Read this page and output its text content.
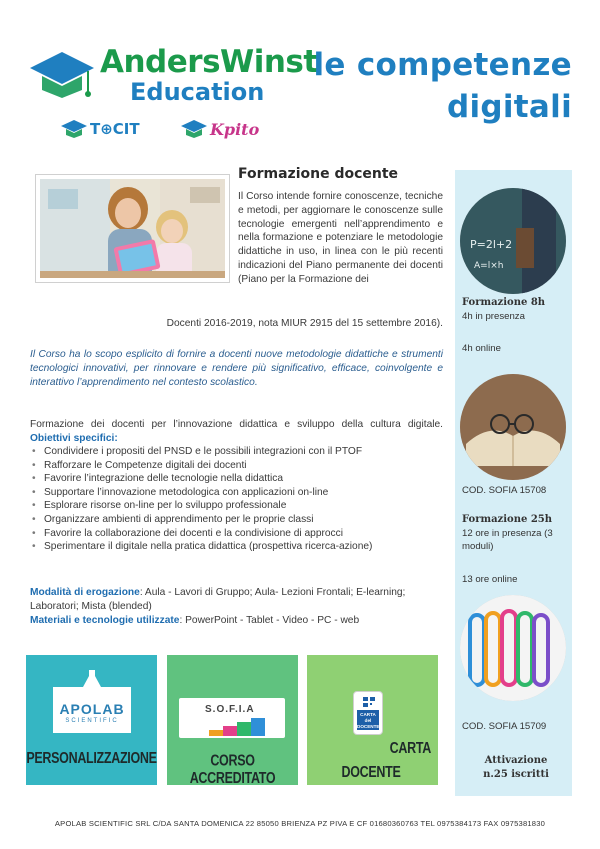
AndersWinst
Education
T⊕CIT	Kpito
le competenze
digitali
Formazione docente

Il Corso intende fornire conoscenze, tecniche e metodi, per aggiornare le conoscenze sulle tecnologie emergenti nell’apprendimento e nella formazione e potenziare le metodologie didattiche in uso, in linea con le più recenti indicazioni del Piano permanente dei docenti (Piano per la Formazione dei

Docenti 2016-2019, nota MIUR 2915 del 15 settembre 2016).

Il Corso ha lo scopo esplicito di fornire a docenti nuove metodologie didattiche e strumenti tecnologici innovativi, per rinnovare e rendere più significativo, efficace, coinvolgente e interattivo l’apprendimento nel contesto scolastico.

Formazione dei docenti per l’innovazione didattica e sviluppo della cultura digitale. Obiettivi specifici:

• Condividere i propositi del PNSD e le possibili integrazioni con il PTOF
• Rafforzare le Competenze digitali dei docenti
• Favorire l’integrazione delle tecnologie nella didattica
• Supportare l’innovazione metodologica con applicazioni on-line
• Esplorare risorse on-line per lo sviluppo professionale
• Organizzare ambienti di apprendimento per le proprie classi
• Favorire la collaborazione dei docenti e la condivisione di approcci
• Sperimentare il digitale nella pratica didattica (prospettiva ricerca-azione)

Modalità di erogazione: Aula - Lavori di Gruppo; Aula- Lezioni Frontali; E-learning; Laboratori; Mista (blended)

Materiali e tecnologie utilizzate: PowerPoint - Tablet - Video - PC - web

P=2l+2
A=l×h
Formazione 8h
4h in presenza
4h online
COD. SOFIA 15708
Formazione 25h
12 ore in presenza (3 moduli)
13 ore online
COD. SOFIA 15709
Attivazione
n.25 iscritti
APOLAB
SCIENTIFIC
PERSONALIZZAZIONE
S.O.F.I.A
CORSO ACCREDITATO
CARTA del DOCENTE
CARTA
DOCENTE
APOLAB SCIENTIFIC SRL C/DA SANTA DOMENICA 22 85050 BRIENZA PZ PIVA E CF 01680360763 TEL 0975384173 FAX 0975381830
